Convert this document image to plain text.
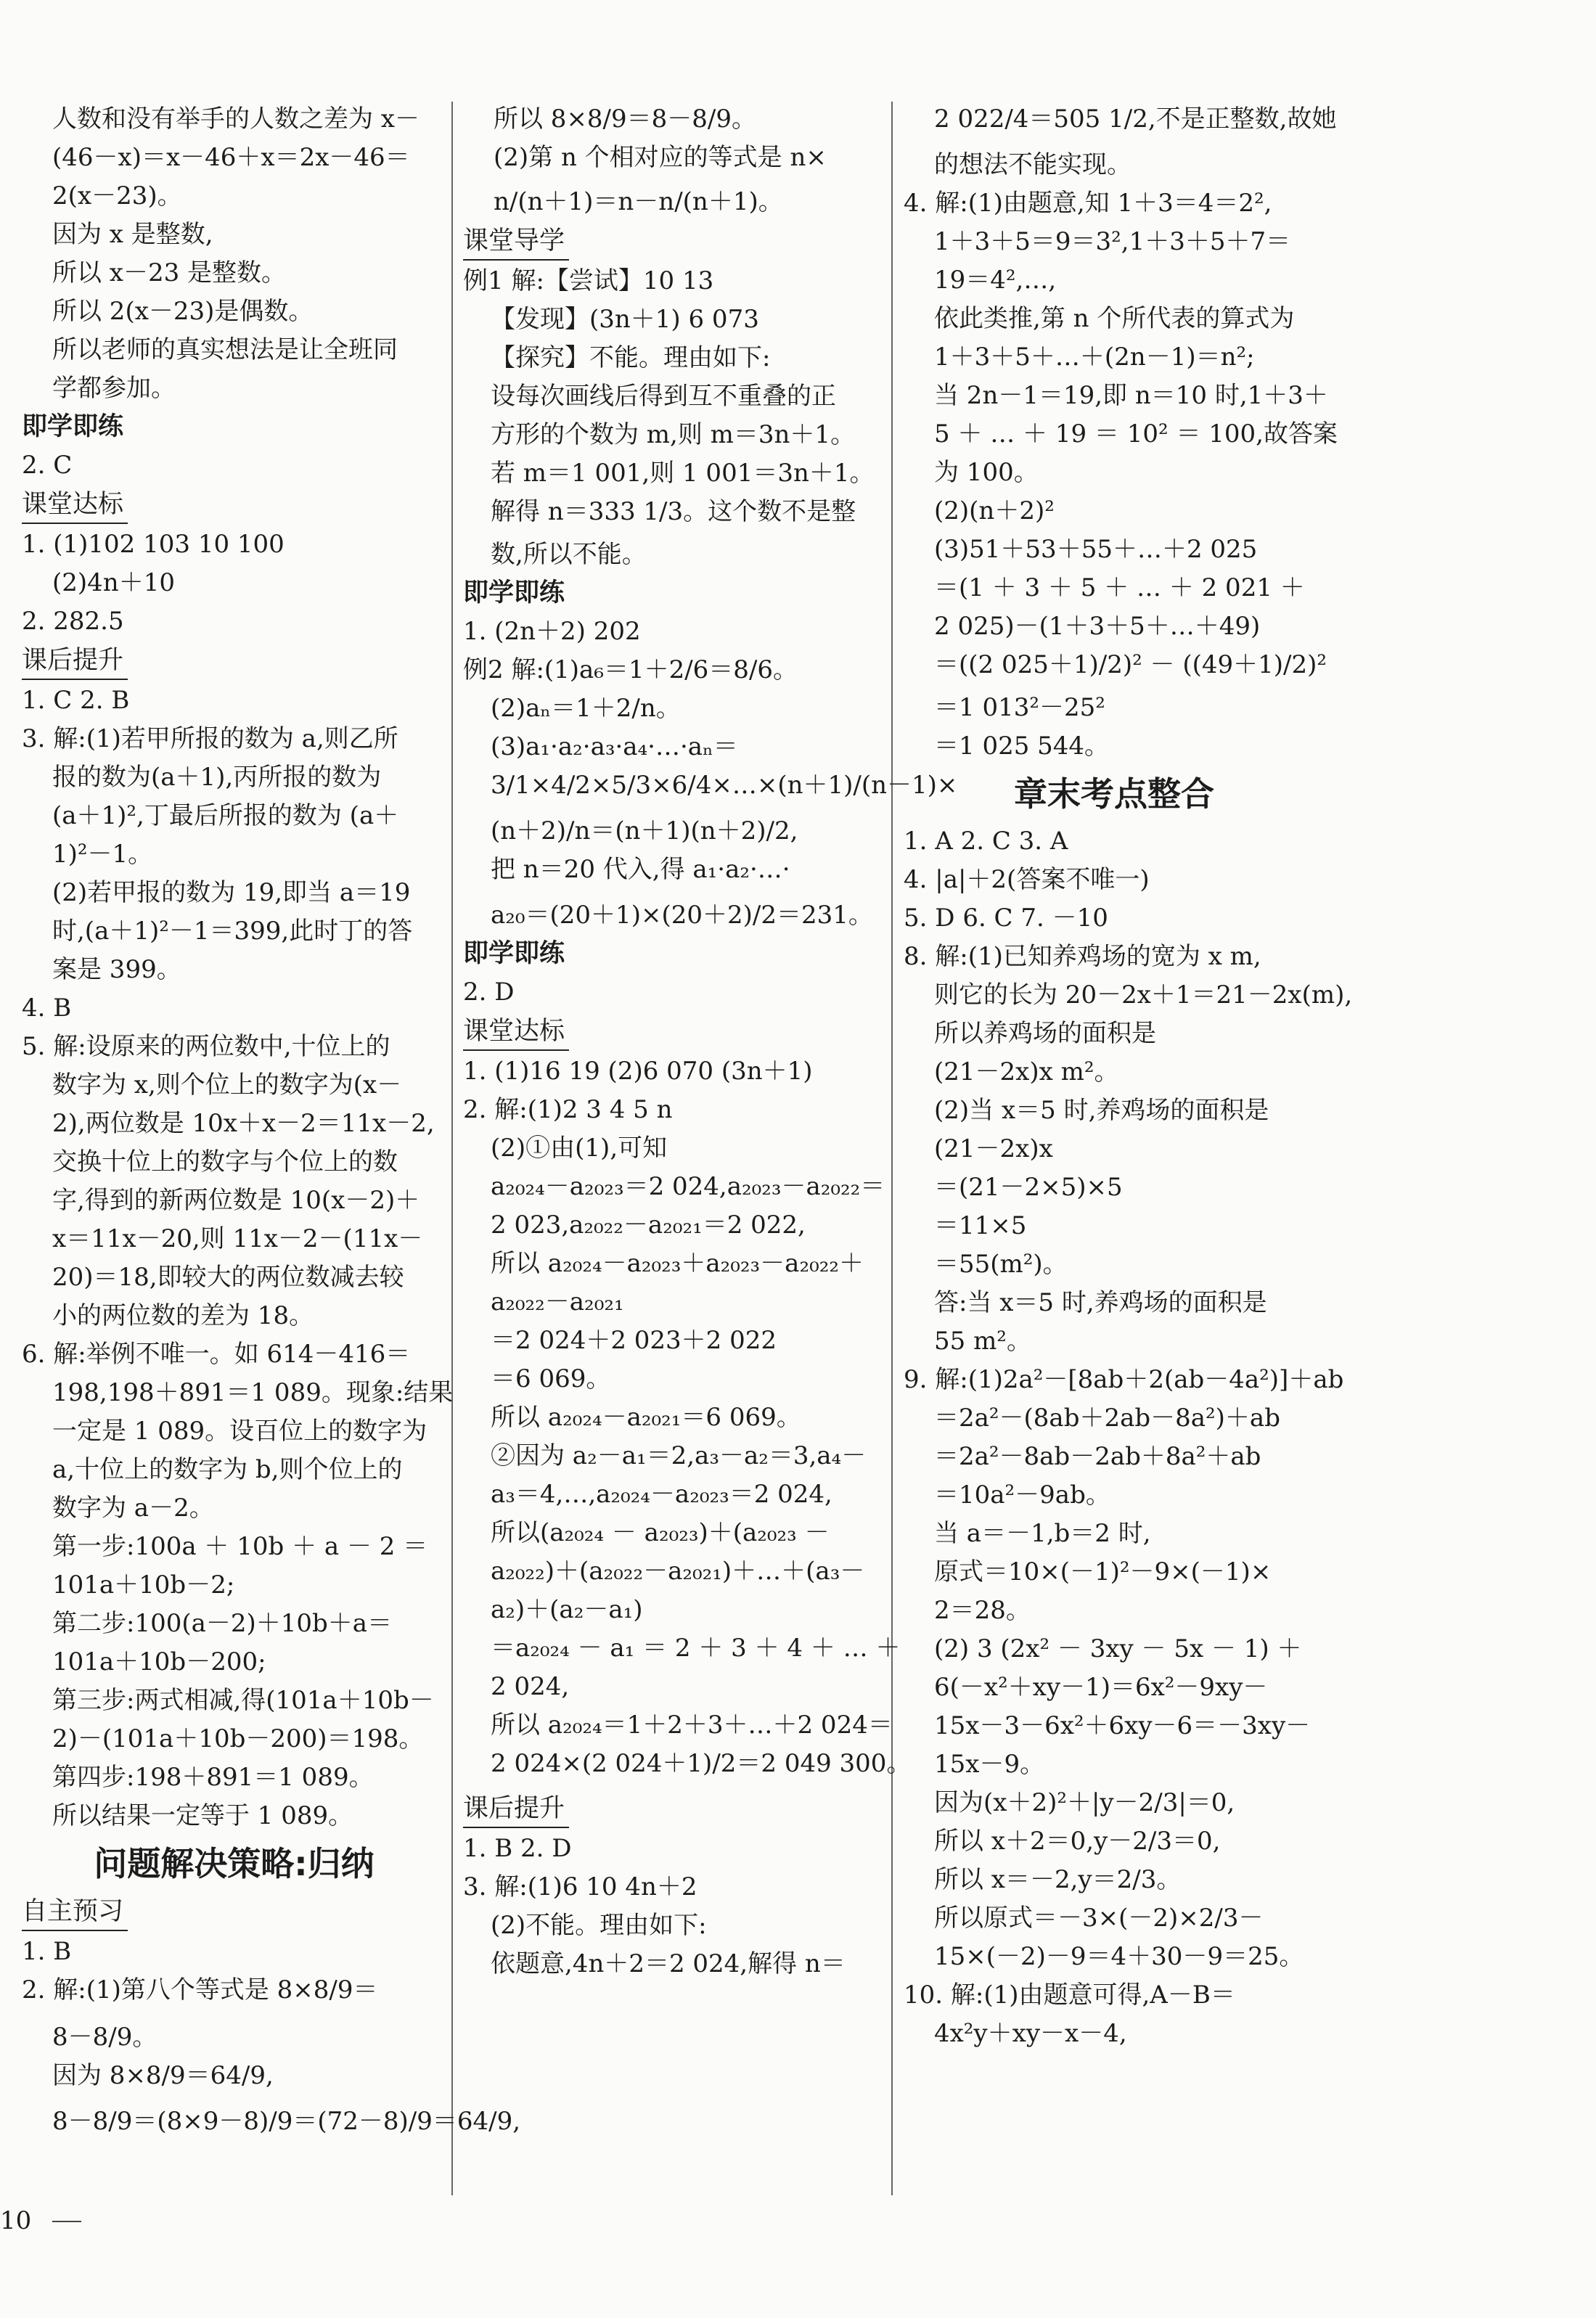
人数和没有举手的人数之差为 x－
(46－x)＝x－46＋x＝2x－46＝
2(x－23)。
因为 x 是整数,
所以 x－23 是整数。
所以 2(x－23)是偶数。
所以老师的真实想法是让全班同
学都参加。
即学即练
2. C
课堂达标
1. (1)102 103 10 100
(2)4n＋10
2. 282.5
课后提升
1. C 2. B
3. 解:(1)若甲所报的数为 a,则乙所
报的数为(a＋1),丙所报的数为
(a＋1)²,丁最后所报的数为 (a＋
1)²－1。
(2)若甲报的数为 19,即当 a＝19
时,(a＋1)²－1＝399,此时丁的答
案是 399。
4. B
5. 解:设原来的两位数中,十位上的
数字为 x,则个位上的数字为(x－
2),两位数是 10x＋x－2＝11x－2,
交换十位上的数字与个位上的数
字,得到的新两位数是 10(x－2)＋
x＝11x－20,则 11x－2－(11x－
20)＝18,即较大的两位数减去较
小的两位数的差为 18。
6. 解:举例不唯一。如 614－416＝
198,198＋891＝1 089。现象:结果
一定是 1 089。设百位上的数字为
a,十位上的数字为 b,则个位上的
数字为 a－2。
第一步:100a ＋ 10b ＋ a － 2 ＝
101a＋10b－2;
第二步:100(a－2)＋10b＋a＝
101a＋10b－200;
第三步:两式相减,得(101a＋10b－
2)－(101a＋10b－200)＝198。
第四步:198＋891＝1 089。
所以结果一定等于 1 089。
问题解决策略:归纳
自主预习
1. B
2. 解:(1)第八个等式是 8×8/9＝
8－8/9。
因为 8×8/9＝64/9,
8－8/9＝(8×9－8)/9＝(72－8)/9＝64/9,
所以 8×8/9＝8－8/9。
(2)第 n 个相对应的等式是 n×
n/(n＋1)＝n－n/(n＋1)。
课堂导学
例1 解:【尝试】10 13
【发现】(3n＋1) 6 073
【探究】不能。理由如下:
设每次画线后得到互不重叠的正
方形的个数为 m,则 m＝3n＋1。
若 m＝1 001,则 1 001＝3n＋1。
解得 n＝333 1/3。这个数不是整
数,所以不能。
即学即练
1. (2n＋2) 202
例2 解:(1)a₆＝1＋2/6＝8/6。
(2)aₙ＝1＋2/n。
(3)a₁·a₂·a₃·a₄·…·aₙ＝
3/1×4/2×5/3×6/4×…×(n＋1)/(n－1)×
(n＋2)/n＝(n＋1)(n＋2)/2,
把 n＝20 代入,得 a₁·a₂·…·
a₂₀＝(20＋1)×(20＋2)/2＝231。
即学即练
2. D
课堂达标
1. (1)16 19 (2)6 070 (3n＋1)
2. 解:(1)2 3 4 5 n
(2)①由(1),可知
a₂₀₂₄－a₂₀₂₃＝2 024,a₂₀₂₃－a₂₀₂₂＝
2 023,a₂₀₂₂－a₂₀₂₁＝2 022,
所以 a₂₀₂₄－a₂₀₂₃＋a₂₀₂₃－a₂₀₂₂＋
a₂₀₂₂－a₂₀₂₁
＝2 024＋2 023＋2 022
＝6 069。
所以 a₂₀₂₄－a₂₀₂₁＝6 069。
②因为 a₂－a₁＝2,a₃－a₂＝3,a₄－
a₃＝4,…,a₂₀₂₄－a₂₀₂₃＝2 024,
所以(a₂₀₂₄ － a₂₀₂₃)＋(a₂₀₂₃ －
a₂₀₂₂)＋(a₂₀₂₂－a₂₀₂₁)＋…＋(a₃－
a₂)＋(a₂－a₁)
＝a₂₀₂₄ － a₁ ＝ 2 ＋ 3 ＋ 4 ＋ … ＋
2 024,
所以 a₂₀₂₄＝1＋2＋3＋…＋2 024＝
2 024×(2 024＋1)/2＝2 049 300。
课后提升
1. B 2. D
3. 解:(1)6 10 4n＋2
(2)不能。理由如下:
依题意,4n＋2＝2 024,解得 n＝
2 022/4＝505 1/2,不是正整数,故她
的想法不能实现。
4. 解:(1)由题意,知 1＋3＝4＝2²,
1＋3＋5＝9＝3²,1＋3＋5＋7＝
19＝4²,…,
依此类推,第 n 个所代表的算式为
1＋3＋5＋…＋(2n－1)＝n²;
当 2n－1＝19,即 n＝10 时,1＋3＋
5 ＋ … ＋ 19 ＝ 10² ＝ 100,故答案
为 100。
(2)(n＋2)²
(3)51＋53＋55＋…＋2 025
＝(1 ＋ 3 ＋ 5 ＋ … ＋ 2 021 ＋
2 025)－(1＋3＋5＋…＋49)
＝((2 025＋1)/2)² － ((49＋1)/2)²
＝1 013²－25²
＝1 025 544。
章末考点整合
1. A 2. C 3. A
4. |a|＋2(答案不唯一)
5. D 6. C 7. －10
8. 解:(1)已知养鸡场的宽为 x m,
则它的长为 20－2x＋1＝21－2x(m),
所以养鸡场的面积是
(21－2x)x m²。
(2)当 x＝5 时,养鸡场的面积是
(21－2x)x
＝(21－2×5)×5
＝11×5
＝55(m²)。
答:当 x＝5 时,养鸡场的面积是
55 m²。
9. 解:(1)2a²－[8ab＋2(ab－4a²)]＋ab
＝2a²－(8ab＋2ab－8a²)＋ab
＝2a²－8ab－2ab＋8a²＋ab
＝10a²－9ab。
当 a＝－1,b＝2 时,
原式＝10×(－1)²－9×(－1)×
2＝28。
(2) 3 (2x² － 3xy － 5x － 1) ＋
6(－x²＋xy－1)＝6x²－9xy－
15x－3－6x²＋6xy－6＝－3xy－
15x－9。
因为(x＋2)²＋|y－2/3|＝0,
所以 x＋2＝0,y－2/3＝0,
所以 x＝－2,y＝2/3。
所以原式＝－3×(－2)×2/3－
15×(－2)－9＝4＋30－9＝25。
10. 解:(1)由题意可得,A－B＝
4x²y＋xy－x－4,
10
